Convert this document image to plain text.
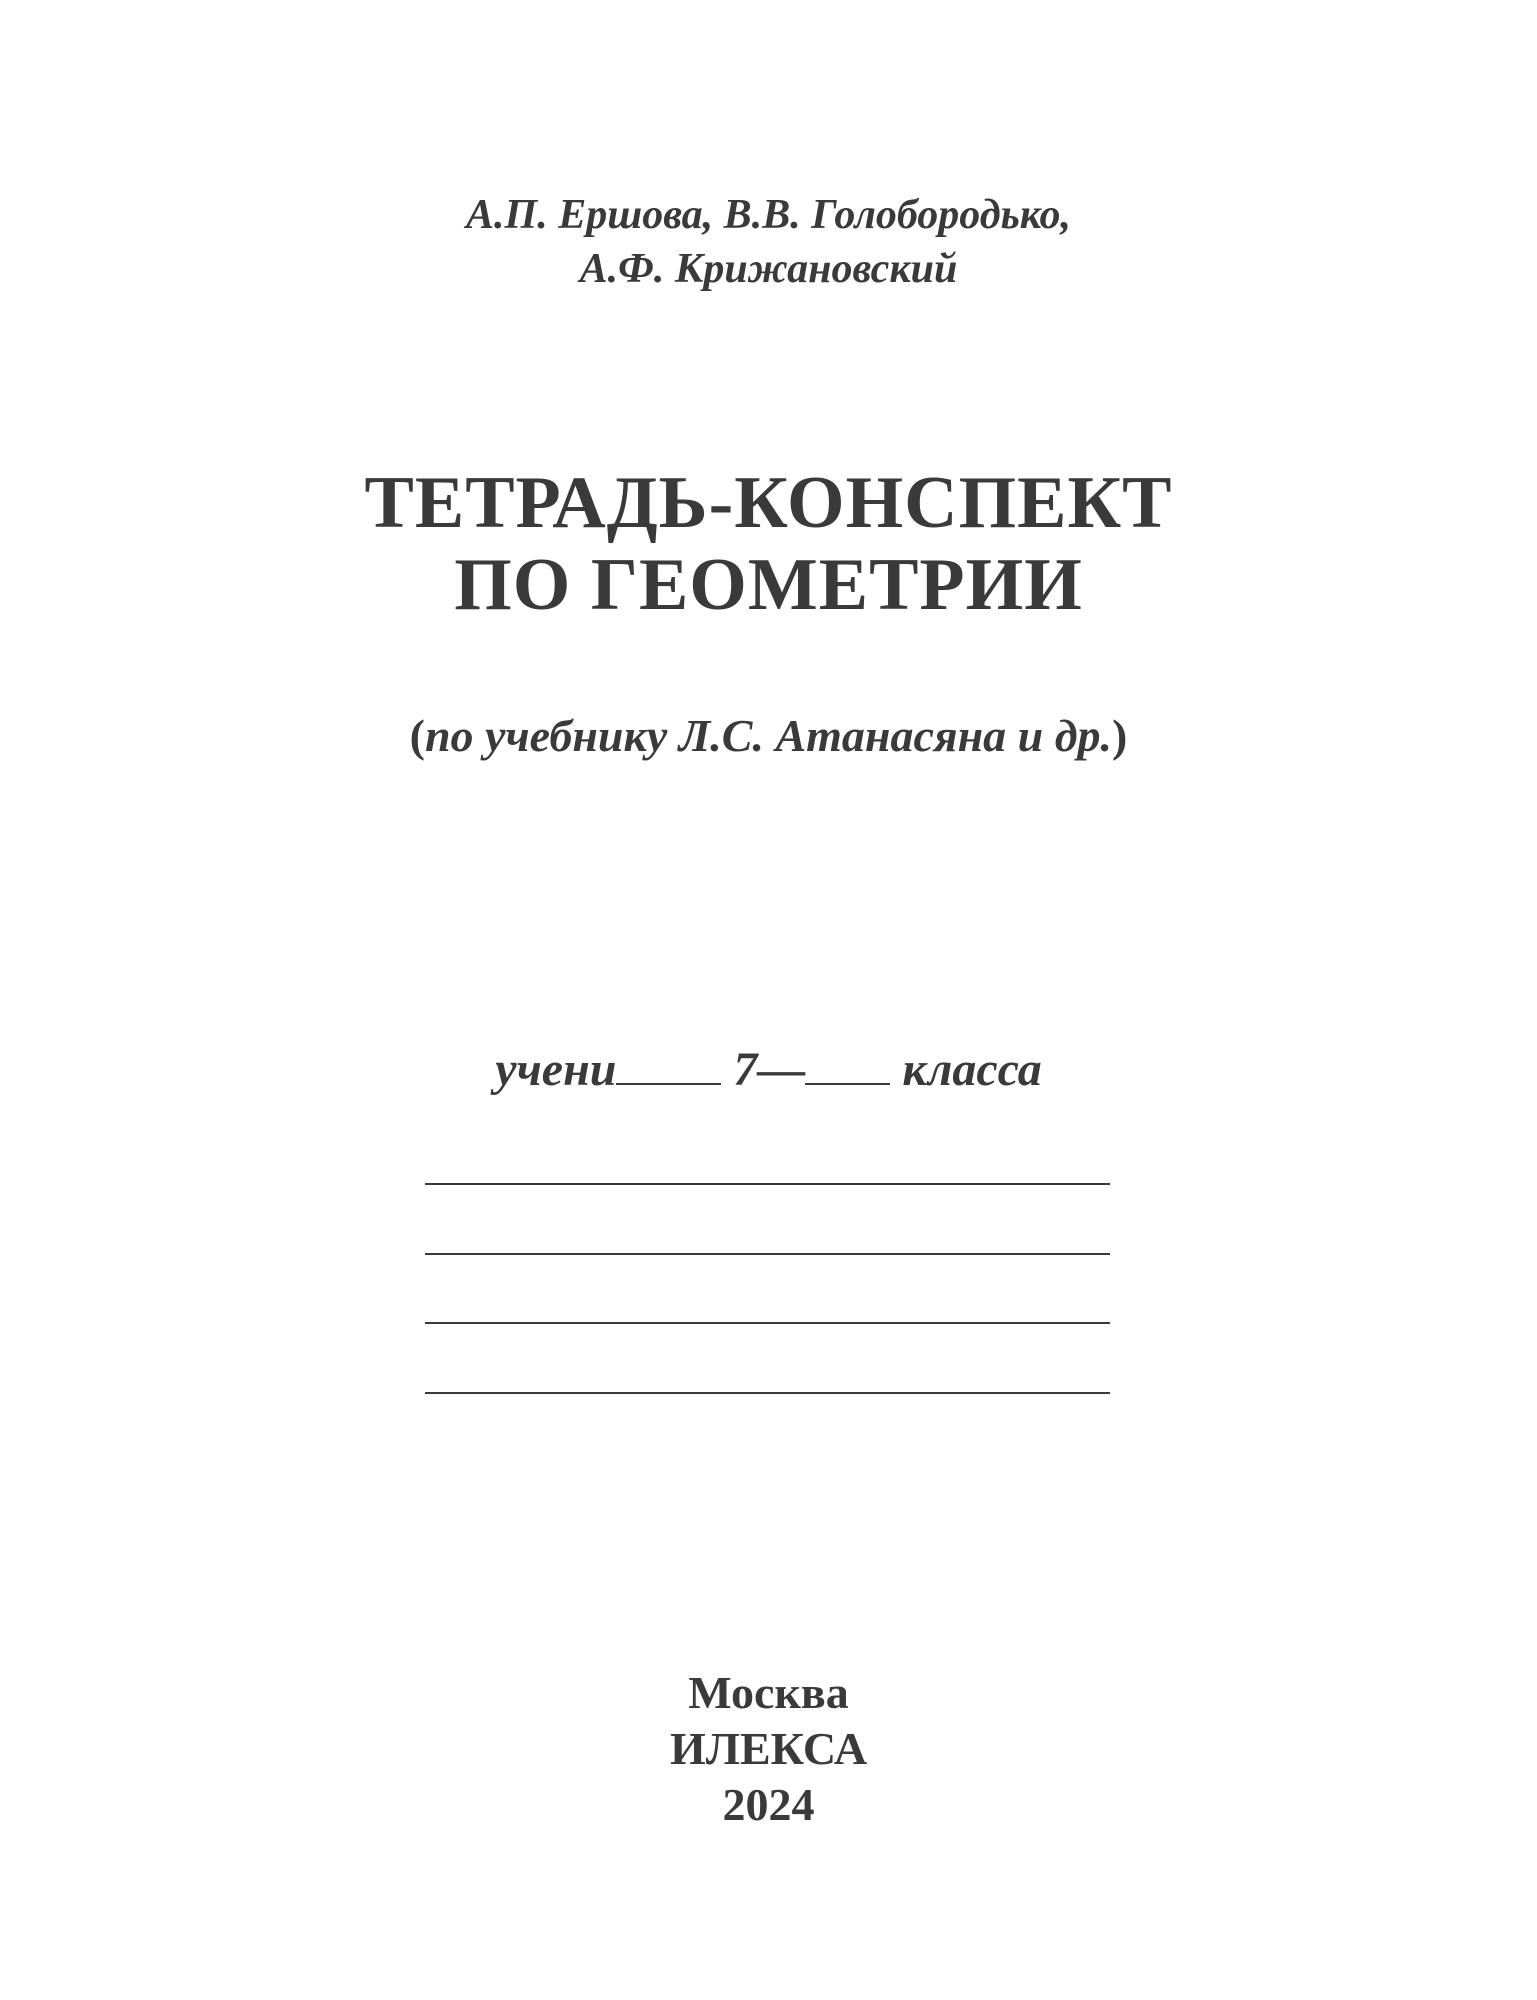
А.П. Ершова, В.В. Голобородько,
А.Ф. Крижановский
ТЕТРАДЬ-КОНСПЕКТ
ПО ГЕОМЕТРИИ
(по учебнику Л.С. Атанасяна и др.)
учени 7— класса
Москва
ИЛЕКСА
2024
